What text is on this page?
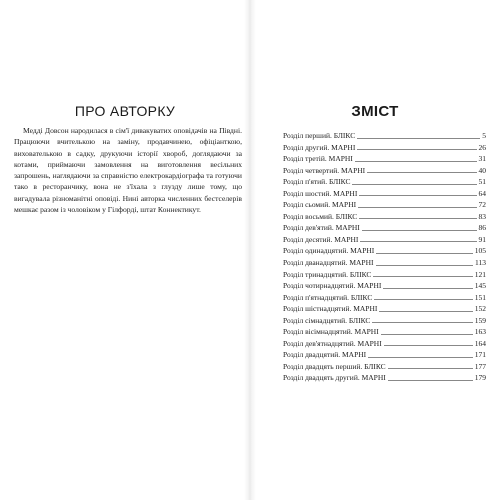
ПРО АВТОРКУ

Медді Довсон народилася в сім'ї дивакуватих оповідачів на Півдні. Працюючи вчителькою на заміну, продавчинею, офіціанткою, вихователькою в садку, друкуючи історії хвороб, доглядаючи за котами, приймаючи замовлення на виготовлення весільних запрошень, наглядаючи за справністю електрокардіографа та готуючи тако в ресторанчику, вона не з'їхала з глузду лише тому, що вигадувала різноманітні оповіді. Нині авторка численних бестселерів мешкає разом із чоловіком у Гілфорді, штат Коннектикут.

ЗМІСТ
Розділ перший. БЛІКС	5
Розділ другий. МАРНІ	26
Розділ третій. МАРНІ	31
Розділ четвертий. МАРНІ	40
Розділ п'ятий. БЛІКС	51
Розділ шостий. МАРНІ	64
Розділ сьомий. МАРНІ	72
Розділ восьмий. БЛІКС	83
Розділ дев'ятий. МАРНІ	86
Розділ десятий. МАРНІ	91
Розділ одинадцятий. МАРНІ	105
Розділ дванадцятий. МАРНІ	113
Розділ тринадцятий. БЛІКС	121
Розділ чотирнадцятий. МАРНІ	145
Розділ п'ятнадцятий. БЛІКС	151
Розділ шістнадцятий. МАРНІ	152
Розділ сімнадцятий. БЛІКС	159
Розділ вісімнадцятий. МАРНІ	163
Розділ дев'ятнадцятий. МАРНІ	164
Розділ двадцятий. МАРНІ	171
Розділ двадцять перший. БЛІКС	177
Розділ двадцять другий. МАРНІ	179
